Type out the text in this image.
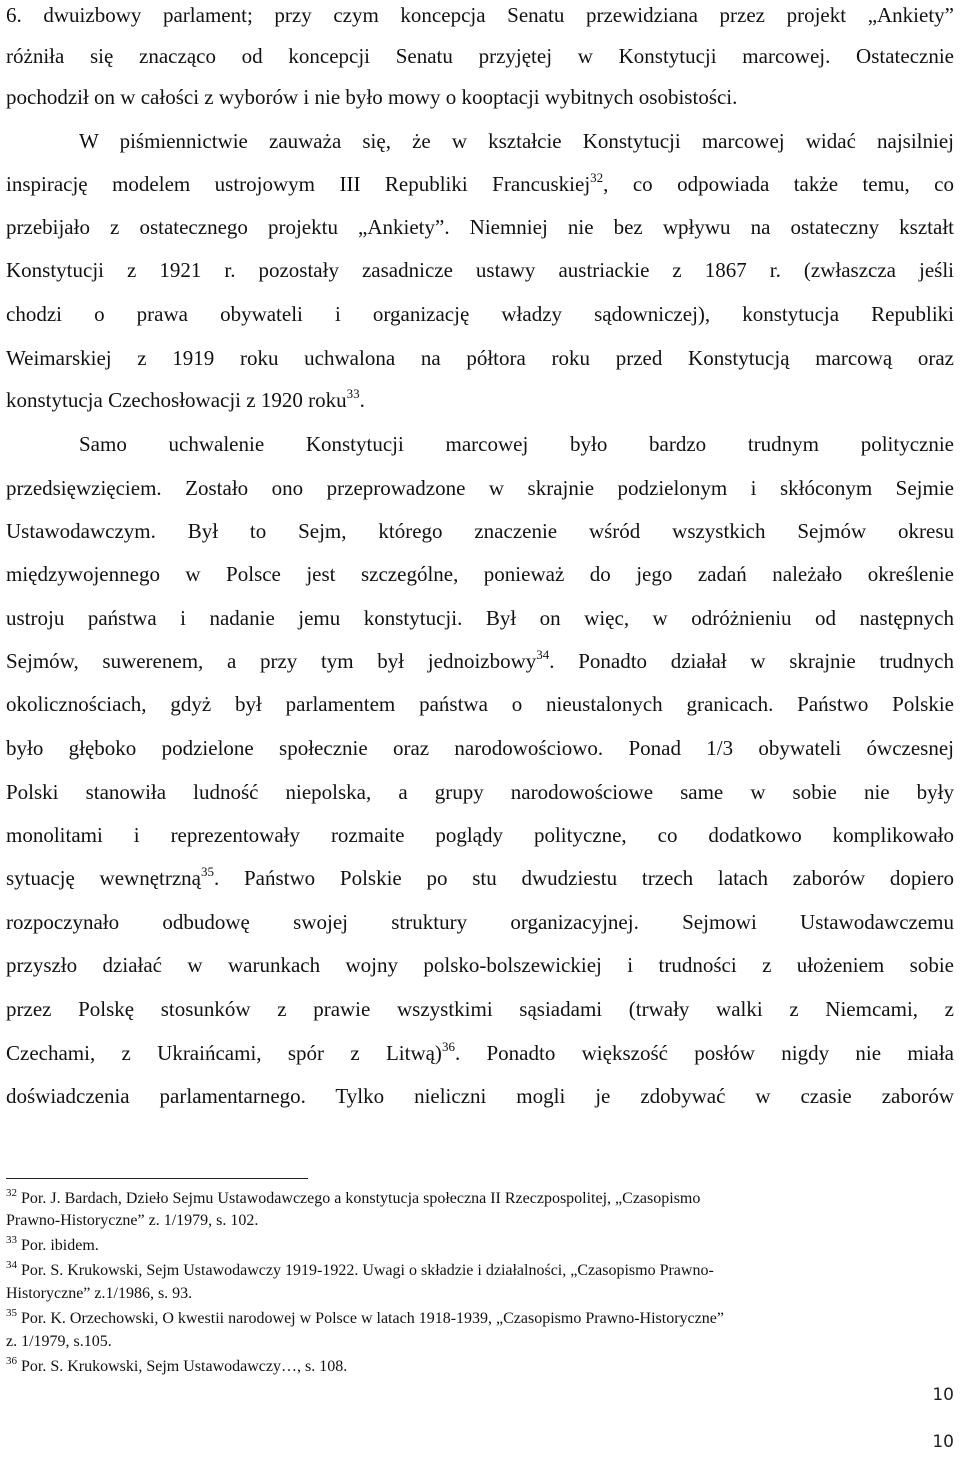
6. dwuizbowy parlament; przy czym koncepcja Senatu przewidziana przez projekt „Ankiety”
różniła się znacząco od koncepcji Senatu przyjętej w Konstytucji marcowej. Ostatecznie
pochodził on w całości z wyborów i nie było mowy o kooptacji wybitnych osobistości.
W piśmiennictwie zauważa się, że w kształcie Konstytucji marcowej widać najsilniej
inspirację modelem ustrojowym III Republiki Francuskiej$^{32}$, co odpowiada także temu, co
przebijało z ostatecznego projektu „Ankiety”. Niemniej nie bez wpływu na ostateczny kształt
Konstytucji z 1921 r. pozostały zasadnicze ustawy austriackie z 1867 r. (zwłaszcza jeśli
chodzi o prawa obywateli i organizację władzy sądowniczej), konstytucja Republiki
Weimarskiej z 1919 roku uchwalona na półtora roku przed Konstytucją marcową oraz
konstytucja Czechosłowacji z 1920 roku$^{33}$.
Samo uchwalenie Konstytucji marcowej było bardzo trudnym politycznie
przedsięwzięciem. Zostało ono przeprowadzone w skrajnie podzielonym i skłóconym Sejmie
Ustawodawczym. Był to Sejm, którego znaczenie wśród wszystkich Sejmów okresu
międzywojennego w Polsce jest szczególne, ponieważ do jego zadań należało określenie
ustroju państwa i nadanie jemu konstytucji. Był on więc, w odróżnieniu od następnych
Sejmów, suwerenem, a przy tym był jednoizbowy$^{34}$. Ponadto działał w skrajnie trudnych
okolicznościach, gdyż był parlamentem państwa o nieustalonych granicach. Państwo Polskie
było głęboko podzielone społecznie oraz narodowościowo. Ponad 1/3 obywateli ówczesnej
Polski stanowiła ludność niepolska, a grupy narodowościowe same w sobie nie były
monolitami i reprezentowały rozmaite poglądy polityczne, co dodatkowo komplikowało
sytuację wewnętrzną$^{35}$. Państwo Polskie po stu dwudziestu trzech latach zaborów dopiero
rozpoczynało odbudowę swojej struktury organizacyjnej. Sejmowi Ustawodawczemu
przyszło działać w warunkach wojny polsko-bolszewickiej i trudności z ułożeniem sobie
przez Polskę stosunków z prawie wszystkimi sąsiadami (trwały walki z Niemcami, z
Czechami, z Ukraińcami, spór z Litwą)$^{36}$. Ponadto większość posłów nigdy nie miała
doświadczenia parlamentarnego. Tylko nieliczni mogli je zdobywać w czasie zaborów
$^{32}$ Por. J. Bardach, Dzieło Sejmu Ustawodawczego a konstytucja społeczna II Rzeczpospolitej, „Czasopismo
Prawno-Historyczne” z. 1/1979, s. 102.
$^{33}$ Por. ibidem.
$^{34}$ Por. S. Krukowski, Sejm Ustawodawczy 1919-1922. Uwagi o składzie i działalności, „Czasopismo Prawno-
Historyczne” z.1/1986, s. 93.
$^{35}$ Por. K. Orzechowski, O kwestii narodowej w Polsce w latach 1918-1939, „Czasopismo Prawno-Historyczne”
z. 1/1979, s.105.
$^{36}$ Por. S. Krukowski, Sejm Ustawodawczy…, s. 108.
10
10
